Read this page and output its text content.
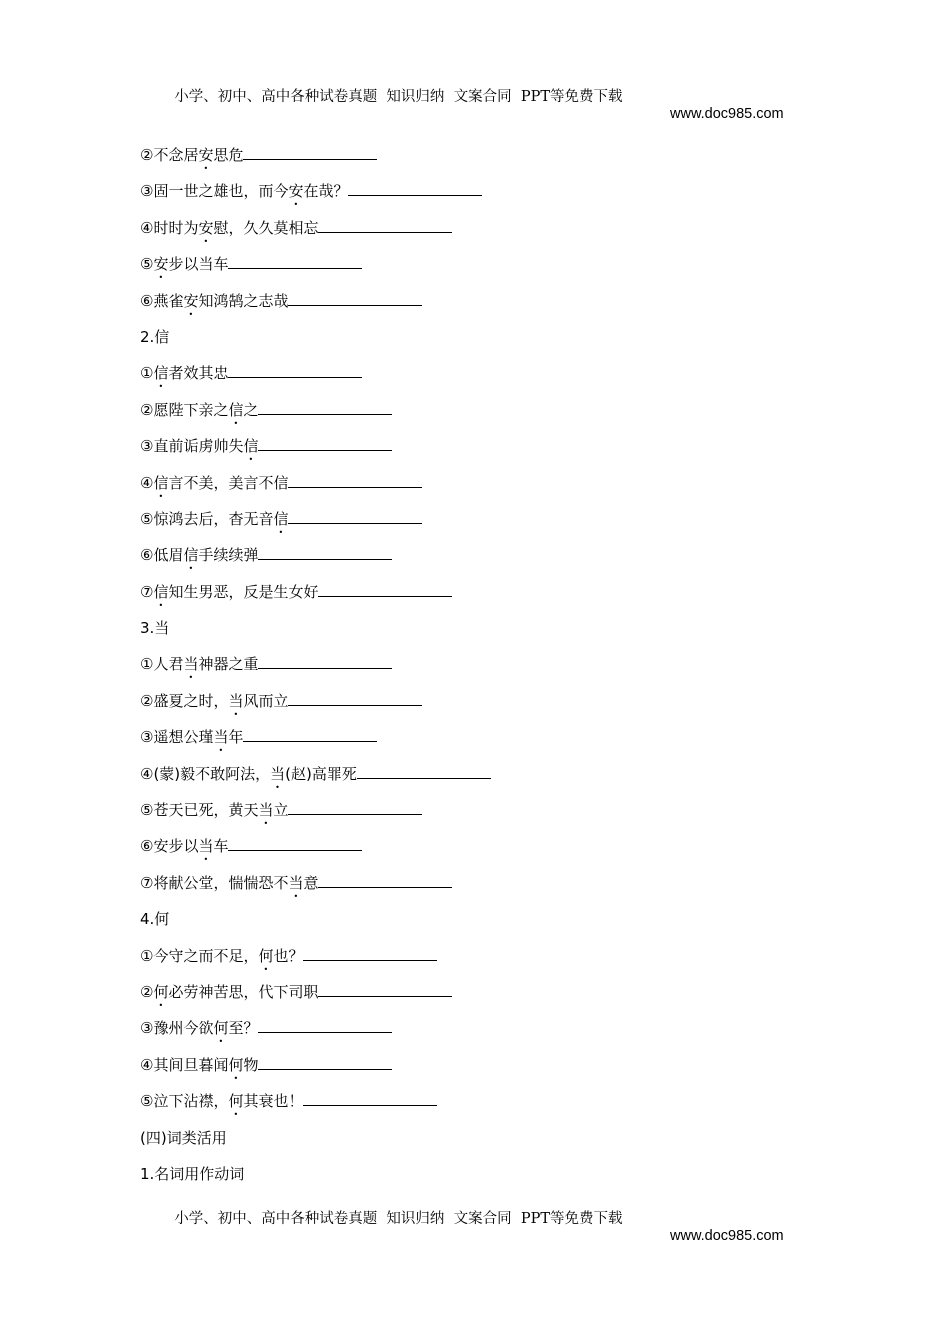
小学、初中、高中各种试卷真题  知识归纳  文案合同  PPT等免费下载

www.doc985.com

②不念居安思危
③固一世之雄也，而今安在哉？
④时时为安慰，久久莫相忘
⑤安步以当车
⑥燕雀安知鸿鹄之志哉
2.信
①信者效其忠
②愿陛下亲之信之
③直前诟虏帅失信
④信言不美，美言不信
⑤惊鸿去后，杳无音信
⑥低眉信手续续弹
⑦信知生男恶，反是生女好
3.当
①人君当神器之重
②盛夏之时，当风而立
③遥想公瑾当年
④(蒙)毅不敢阿法，当(赵)高罪死
⑤苍天已死，黄天当立
⑥安步以当车
⑦将献公堂，惴惴恐不当意
4.何
①今守之而不足，何也？
②何必劳神苦思，代下司职
③豫州今欲何至？
④其间旦暮闻何物
⑤泣下沾襟，何其衰也！
(四)词类活用
1.名词用作动词

小学、初中、高中各种试卷真题  知识归纳  文案合同  PPT等免费下载

www.doc985.com
